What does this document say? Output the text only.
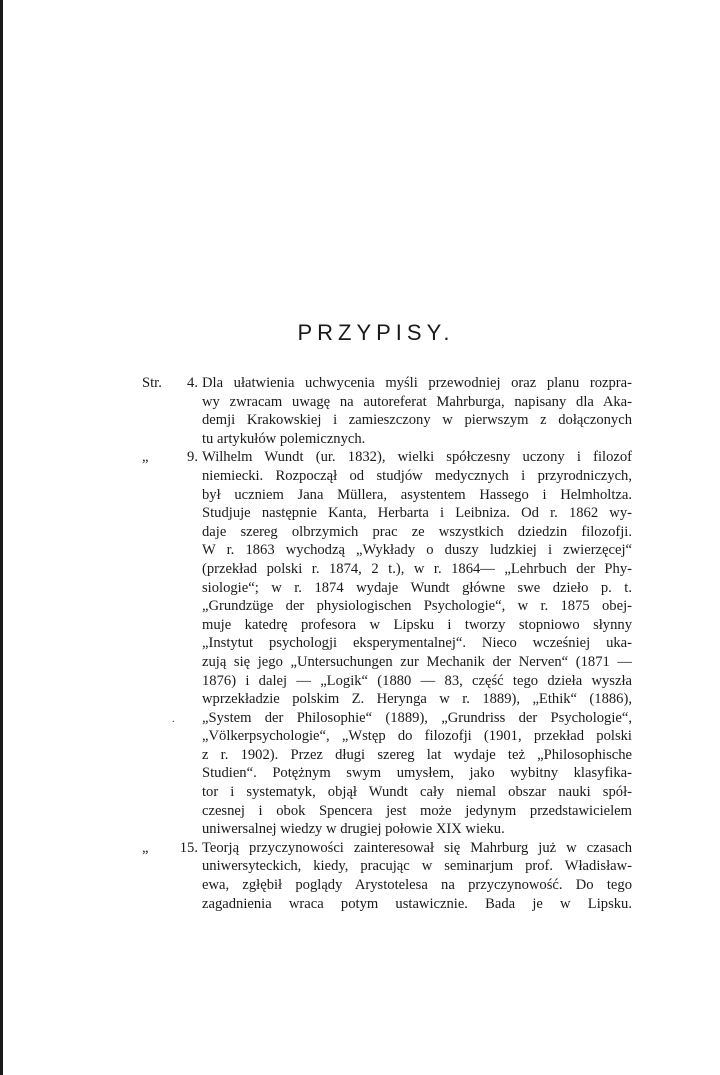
PRZYPISY.
Str. 4. Dla ułatwienia uchwycenia myśli przewodniej oraz planu rozpra-
wy zwracam uwagę na autoreferat Mahrburga, napisany dla Aka-
demji Krakowskiej i zamieszczony w pierwszym z dołączonych
tu artykułów polemicznych.
„	9. Wilhelm Wundt (ur. 1832), wielki spółczesny uczony i filozof
niemiecki. Rozpoczął od studjów medycznych i przyrodniczych,
był uczniem Jana Müllera, asystentem Hassego i Helmholtza.
Studjuje następnie Kanta, Herbarta i Leibniza. Od r. 1862 wy-
daje szereg olbrzymich prac ze wszystkich dziedzin filozofji.
W r. 1863 wychodzą „Wykłady o duszy ludzkiej i zwierzęcej“
(przekład polski r. 1874, 2 t.), w r. 1864— „Lehrbuch der Phy-
siologie“; w r. 1874 wydaje Wundt główne swe dzieło p. t.
„Grundzüge der physiologischen Psychologie“, w r. 1875 obej-
muje katedrę profesora w Lipsku i tworzy stopniowo słynny
„Instytut psychologji eksperymentalnej“. Nieco wcześniej uka-
zują się jego „Untersuchungen zur Mechanik der Nerven“ (1871 —
1876) i dalej — „Logik“ (1880 — 83, część tego dzieła wyszła
wprzekładzie polskim Z. Herynga w r. 1889), „Ethik“ (1886),
„System der Philosophie“ (1889), „Grundriss der Psychologie“,
„Völkerpsychologie“, „Wstęp do filozofji (1901, przekład polski
z r. 1902). Przez długi szereg lat wydaje też „Philosophische
Studien“. Potężnym swym umysłem, jako wybitny klasyfika-
tor i systematyk, objął Wundt cały niemal obszar nauki spół-
czesnej i obok Spencera jest może jedynym przedstawicielem
uniwersalnej wiedzy w drugiej połowie XIX wieku.
„ 15. Teorją przyczynowości zainteresował się Mahrburg już w czasach
uniwersyteckich, kiedy, pracując w seminarjum prof. Władisław-
ewa, zgłębił poglądy Arystotelesa na przyczynowość. Do tego
zagadnienia wraca potym ustawicznie. Bada je w Lipsku.
.
